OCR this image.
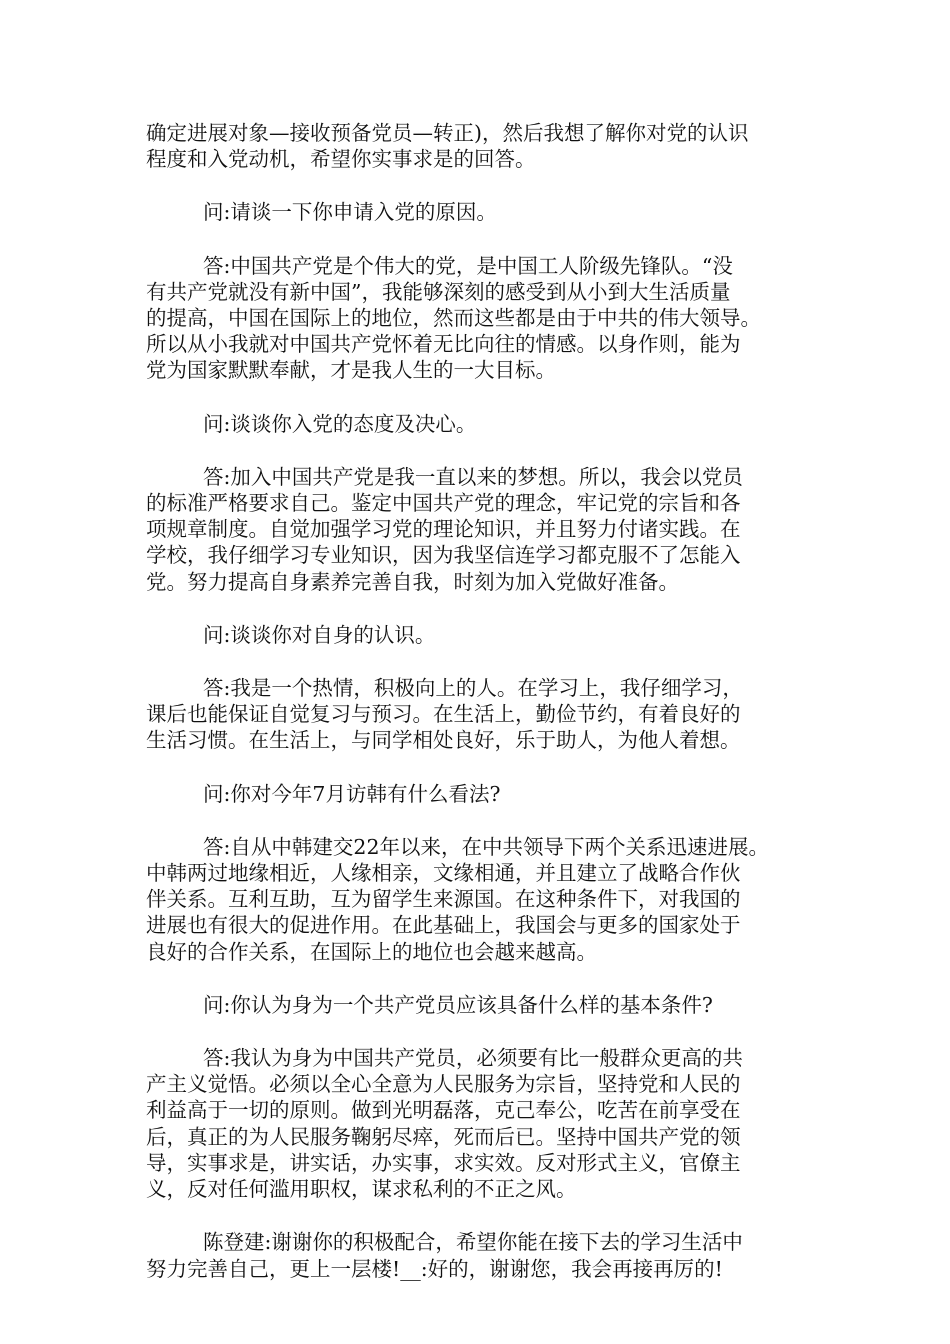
确定进展对象—接收预备党员—转正)，然后我想了解你对党的认识
程度和入党动机，希望你实事求是的回答。

问:请谈一下你申请入党的原因。

答:中国共产党是个伟大的党，是中国工人阶级先锋队。“没
有共产党就没有新中国”，我能够深刻的感受到从小到大生活质量
的提高，中国在国际上的地位，然而这些都是由于中共的伟大领导。
所以从小我就对中国共产党怀着无比向往的情感。以身作则，能为
党为国家默默奉献，才是我人生的一大目标。

问:谈谈你入党的态度及决心。

答:加入中国共产党是我一直以来的梦想。所以，我会以党员
的标准严格要求自己。鉴定中国共产党的理念，牢记党的宗旨和各
项规章制度。自觉加强学习党的理论知识，并且努力付诸实践。在
学校，我仔细学习专业知识，因为我坚信连学习都克服不了怎能入
党。努力提高自身素养完善自我，时刻为加入党做好准备。

问:谈谈你对自身的认识。

答:我是一个热情，积极向上的人。在学习上，我仔细学习，
课后也能保证自觉复习与预习。在生活上，勤俭节约，有着良好的
生活习惯。在生活上，与同学相处良好，乐于助人，为他人着想。

问:你对今年7月访韩有什么看法?

答:自从中韩建交22年以来，在中共领导下两个关系迅速进展。
中韩两过地缘相近，人缘相亲，文缘相通，并且建立了战略合作伙
伴关系。互利互助，互为留学生来源国。在这种条件下，对我国的
进展也有很大的促进作用。在此基础上，我国会与更多的国家处于
良好的合作关系，在国际上的地位也会越来越高。

问:你认为身为一个共产党员应该具备什么样的基本条件?

答:我认为身为中国共产党员，必须要有比一般群众更高的共
产主义觉悟。必须以全心全意为人民服务为宗旨，坚持党和人民的
利益高于一切的原则。做到光明磊落，克己奉公，吃苦在前享受在
后，真正的为人民服务鞠躬尽瘁，死而后已。坚持中国共产党的领
导，实事求是，讲实话，办实事，求实效。反对形式主义，官僚主
义，反对任何滥用职权，谋求私利的不正之风。

陈登建:谢谢你的积极配合，希望你能在接下去的学习生活中
努力完善自己，更上一层楼!__:好的，谢谢您，我会再接再厉的!
